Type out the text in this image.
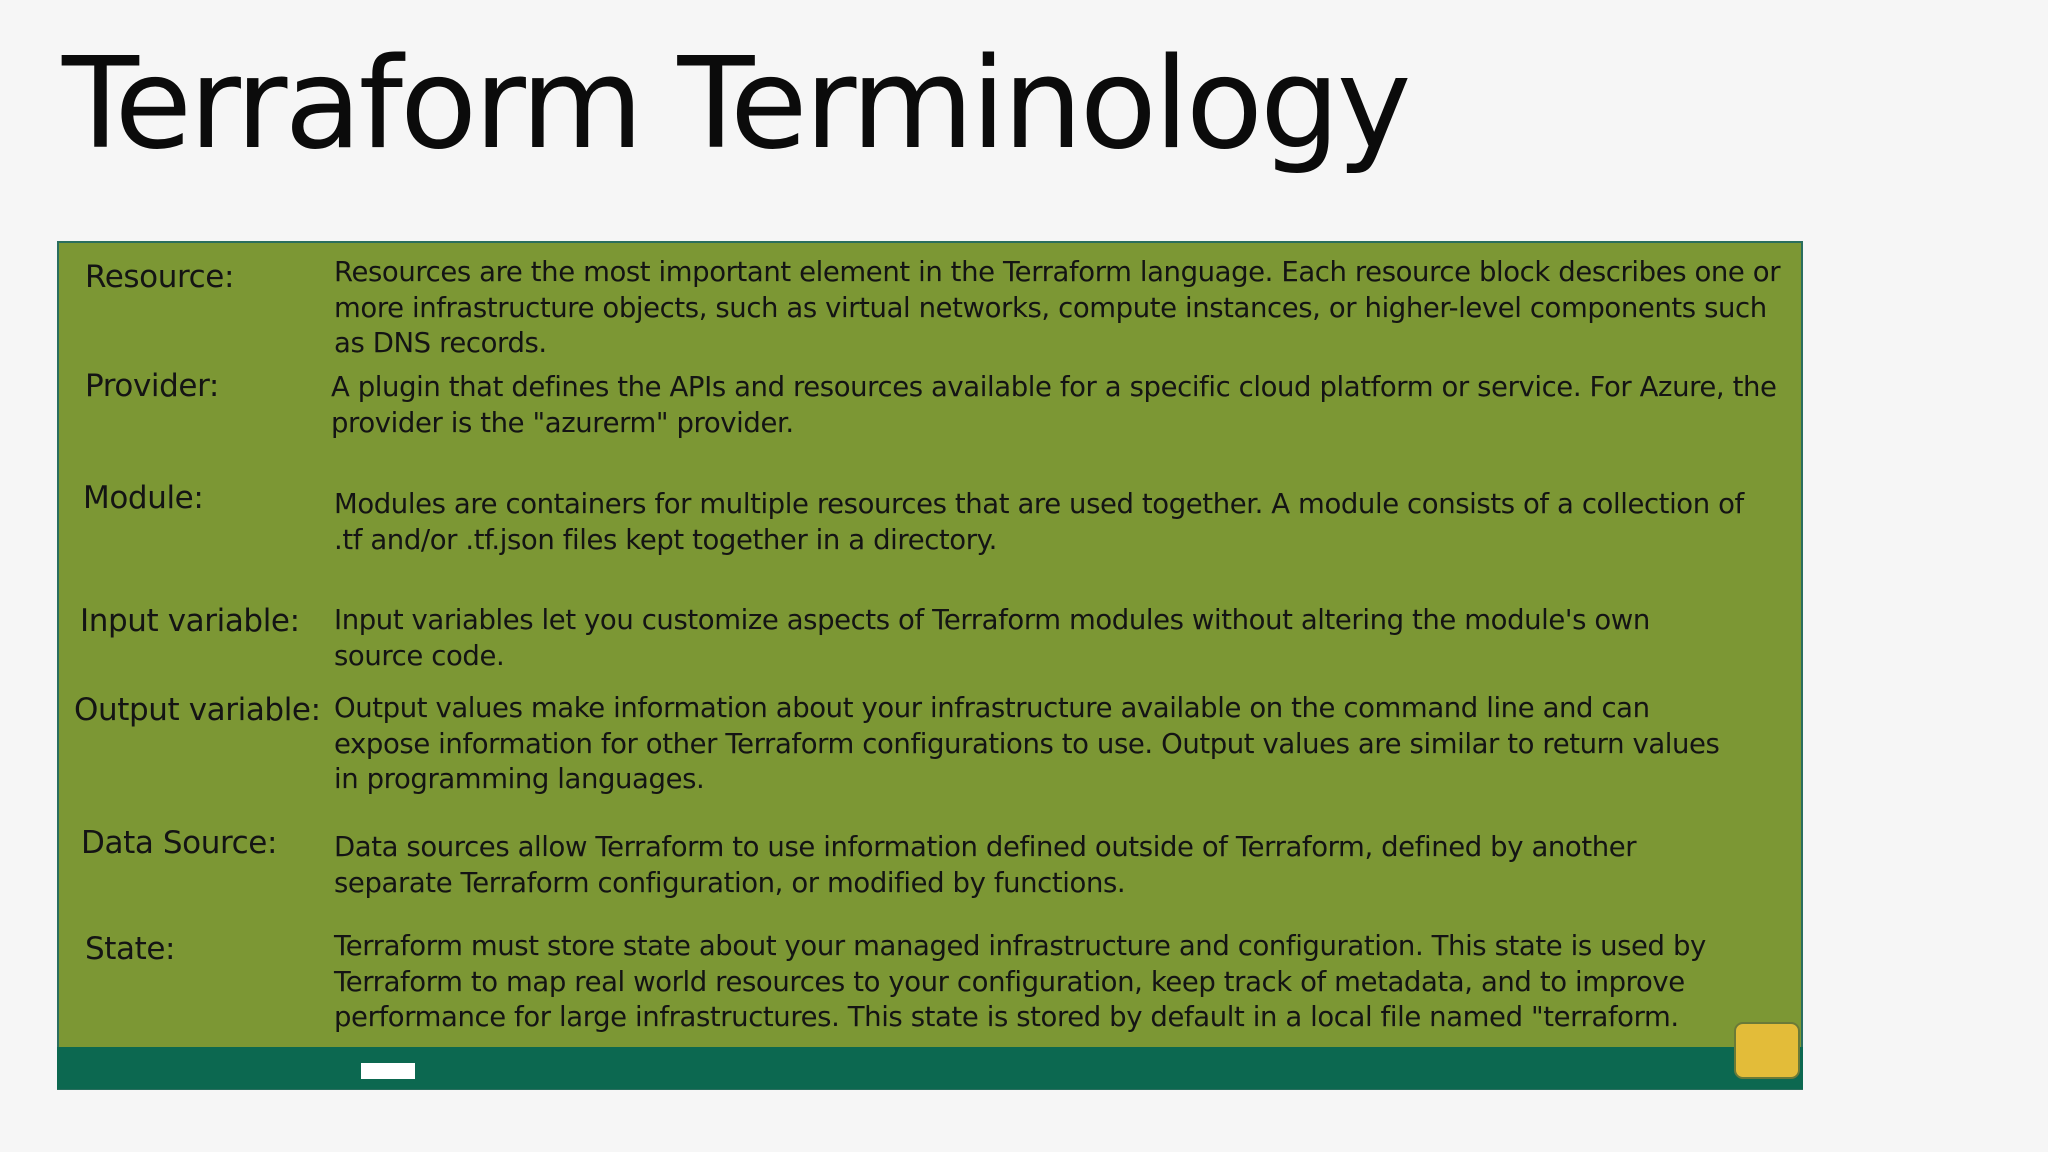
Terraform Terminology
Resource:	Resources are the most important element in the Terraform language. Each resource block describes one or more infrastructure objects, such as virtual networks, compute instances, or higher-level components such as DNS records.
Provider:	A plugin that defines the APIs and resources available for a specific cloud platform or service. For Azure, the provider is the "azurerm" provider.
Module:	Modules are containers for multiple resources that are used together. A module consists of a collection of .tf and/or .tf.json files kept together in a directory.
Input variable: Input variables let you customize aspects of Terraform modules without altering the module's own source code.
Output variable: Output values make information about your infrastructure available on the command line and can expose information for other Terraform configurations to use. Output values are similar to return values in programming languages.
Data Source: Data sources allow Terraform to use information defined outside of Terraform, defined by another separate Terraform configuration, or modified by functions.
State:	Terraform must store state about your managed infrastructure and configuration. This state is used by Terraform to map real world resources to your configuration, keep track of metadata, and to improve performance for large infrastructures. This state is stored by default in a local file named "terraform.
